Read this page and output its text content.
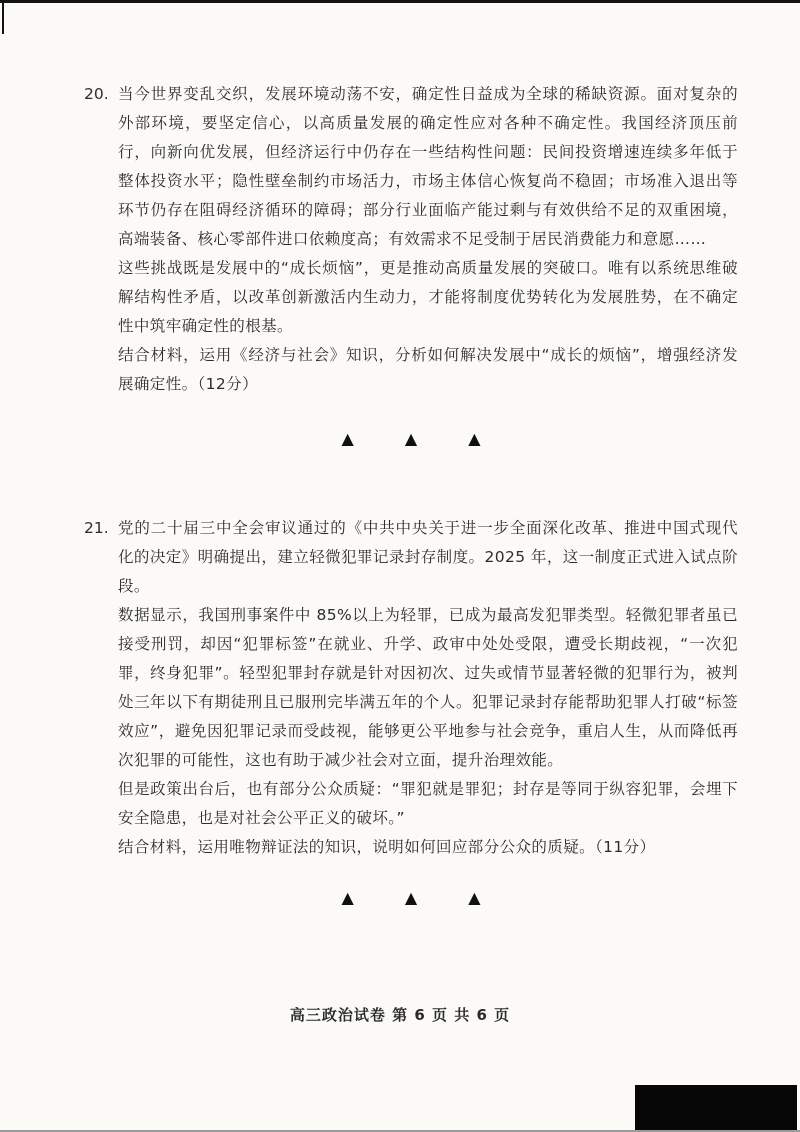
20. 当今世界变乱交织，发展环境动荡不安，确定性日益成为全球的稀缺资源。面对复杂的外部环境，要坚定信心，以高质量发展的确定性应对各种不确定性。我国经济顶压前行，向新向优发展，但经济运行中仍存在一些结构性问题：民间投资增速连续多年低于整体投资水平；隐性壁垒制约市场活力，市场主体信心恢复尚不稳固；市场准入退出等环节仍存在阻碍经济循环的障碍；部分行业面临产能过剩与有效供给不足的双重困境，高端装备、核心零部件进口依赖度高；有效需求不足受制于居民消费能力和意愿……

这些挑战既是发展中的“成长烦恼”，更是推动高质量发展的突破口。唯有以系统思维破解结构性矛盾，以改革创新激活内生动力，才能将制度优势转化为发展胜势，在不确定性中筑牢确定性的根基。

结合材料，运用《经济与社会》知识，分析如何解决发展中“成长的烦恼”，增强经济发展确定性。（12分）

▲	▲	▲
21. 党的二十届三中全会审议通过的《中共中央关于进一步全面深化改革、推进中国式现代化的决定》明确提出，建立轻微犯罪记录封存制度。2025 年，这一制度正式进入试点阶段。

数据显示，我国刑事案件中 85%以上为轻罪，已成为最高发犯罪类型。轻微犯罪者虽已接受刑罚，却因“犯罪标签”在就业、升学、政审中处处受限，遭受长期歧视，“一次犯罪，终身犯罪”。轻型犯罪封存就是针对因初次、过失或情节显著轻微的犯罪行为，被判处三年以下有期徒刑且已服刑完毕满五年的个人。犯罪记录封存能帮助犯罪人打破“标签效应”，避免因犯罪记录而受歧视，能够更公平地参与社会竞争，重启人生，从而降低再次犯罪的可能性，这也有助于减少社会对立面，提升治理效能。

但是政策出台后，也有部分公众质疑：“罪犯就是罪犯；封存是等同于纵容犯罪，会埋下安全隐患，也是对社会公平正义的破坏。”

结合材料，运用唯物辩证法的知识，说明如何回应部分公众的质疑。（11分）

▲	▲	▲
高三政治试卷 第 6 页 共 6 页
